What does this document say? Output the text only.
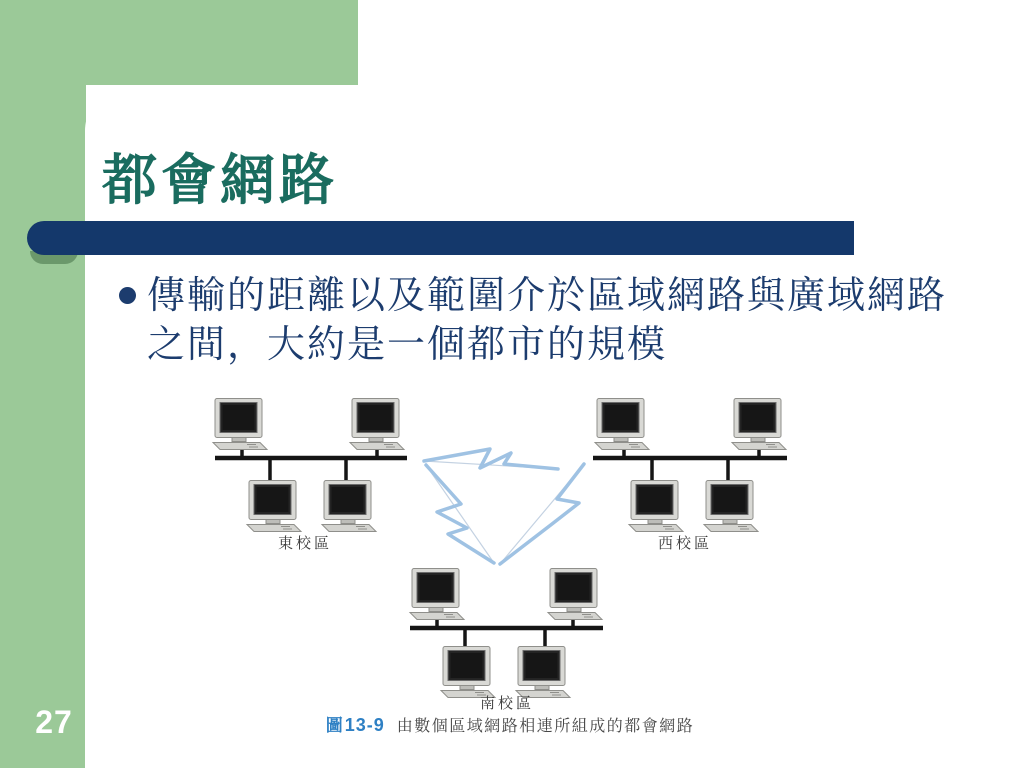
都會網路
傳輸的距離以及範圍介於區域網路與廣域網路
之間，大約是一個都市的規模
東校區	西校區
南校區
圖 13-9 由數個區域網路相連所組成的都會網路
27
